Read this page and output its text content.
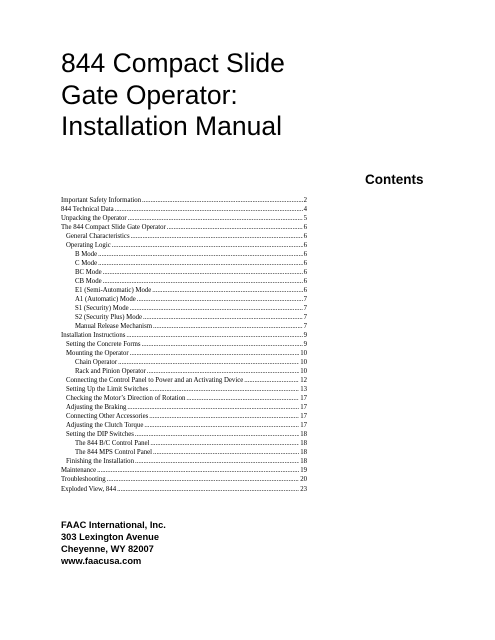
844 Compact Slide
Gate Operator:
Installation Manual
Contents
Important Safety Information .....	2
844 Technical Data .....	4
Unpacking the Operator .....	5
The 844 Compact Slide Gate Operator .....	6
General Characteristics .....	6
Operating Logic .....	6
B Mode .....	6
C Mode .....	6
BC Mode .....	6
CB Mode .....	6
E1 (Semi-Automatic) Mode .....	6
A1 (Automatic) Mode .....	7
S1 (Security) Mode .....	7
S2 (Security Plus) Mode .....	7
Manual Release Mechanism .....	7
Installation Instructions .....	9
Setting the Concrete Forms .....	9
Mounting the Operator .....	10
Chain Operator .....	10
Rack and Pinion Operator .....	10
Connecting the Control Panel to Power and an Activating Device .....	12
Setting Up the Limit Switches .....	13
Checking the Motor’s Direction of Rotation .....	17
Adjusting the Braking .....	17
Connecting Other Accessories .....	17
Adjusting the Clutch Torque .....	17
Setting the DIP Switches .....	18
The 844 B/C Control Panel .....	18
The 844 MPS Control Panel .....	18
Finishing the Installation .....	18
Maintenance .....	19
Troubleshooting .....	20
Exploded View, 844 .....	23
FAAC International, Inc.
303 Lexington Avenue
Cheyenne, WY 82007
www.faacusa.com
